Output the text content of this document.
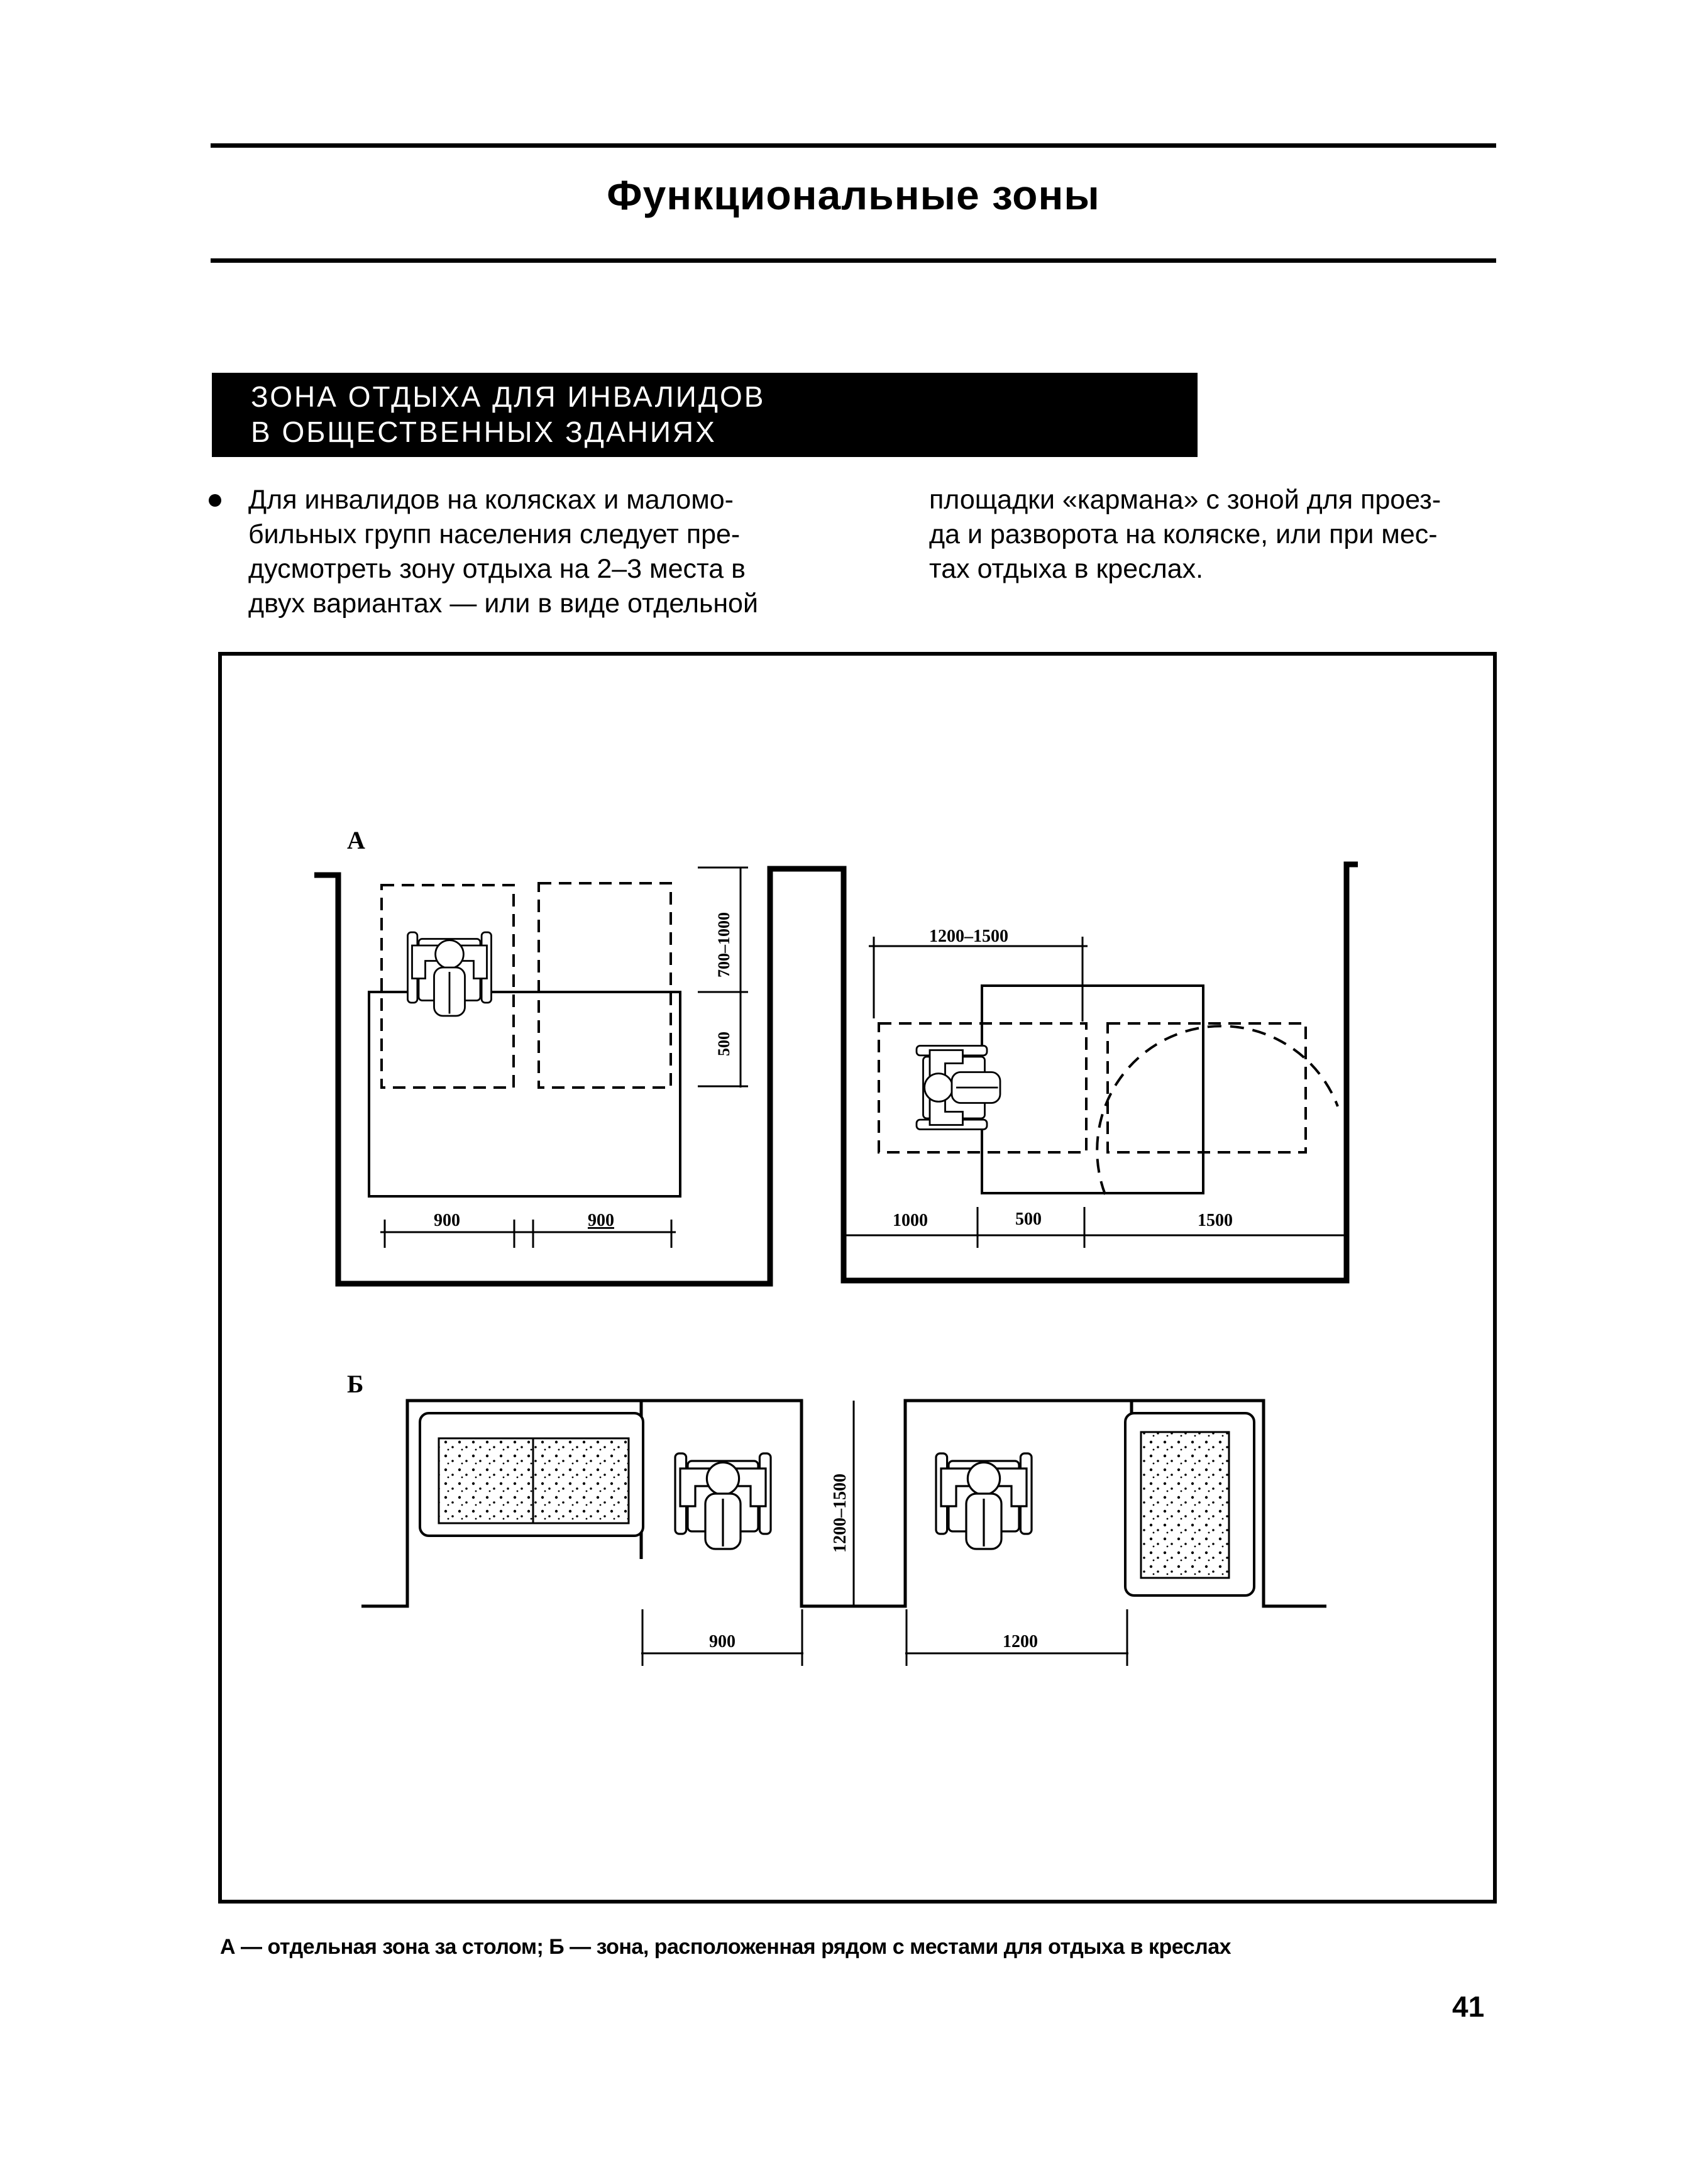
Функциональные зоны
ЗОНА ОТДЫХА ДЛЯ ИНВАЛИДОВ
В ОБЩЕСТВЕННЫХ ЗДАНИЯХ
Для инвалидов на колясках и маломо-
бильных групп населения следует пре-
дусмотреть зону отдыха на 2–3 места в
двух вариантах — или в виде отдельной
площадки «кармана» с зоной для проез-
да и разворота на коляске, или при мес-
тах отдыха в креслах.
А
700–1000
500
900	900
1200–1500
1000	500	1500
Б
1200–1500
900	1200
А — отдельная зона за столом; Б — зона, расположенная рядом с местами для отдыха в креслах
41
